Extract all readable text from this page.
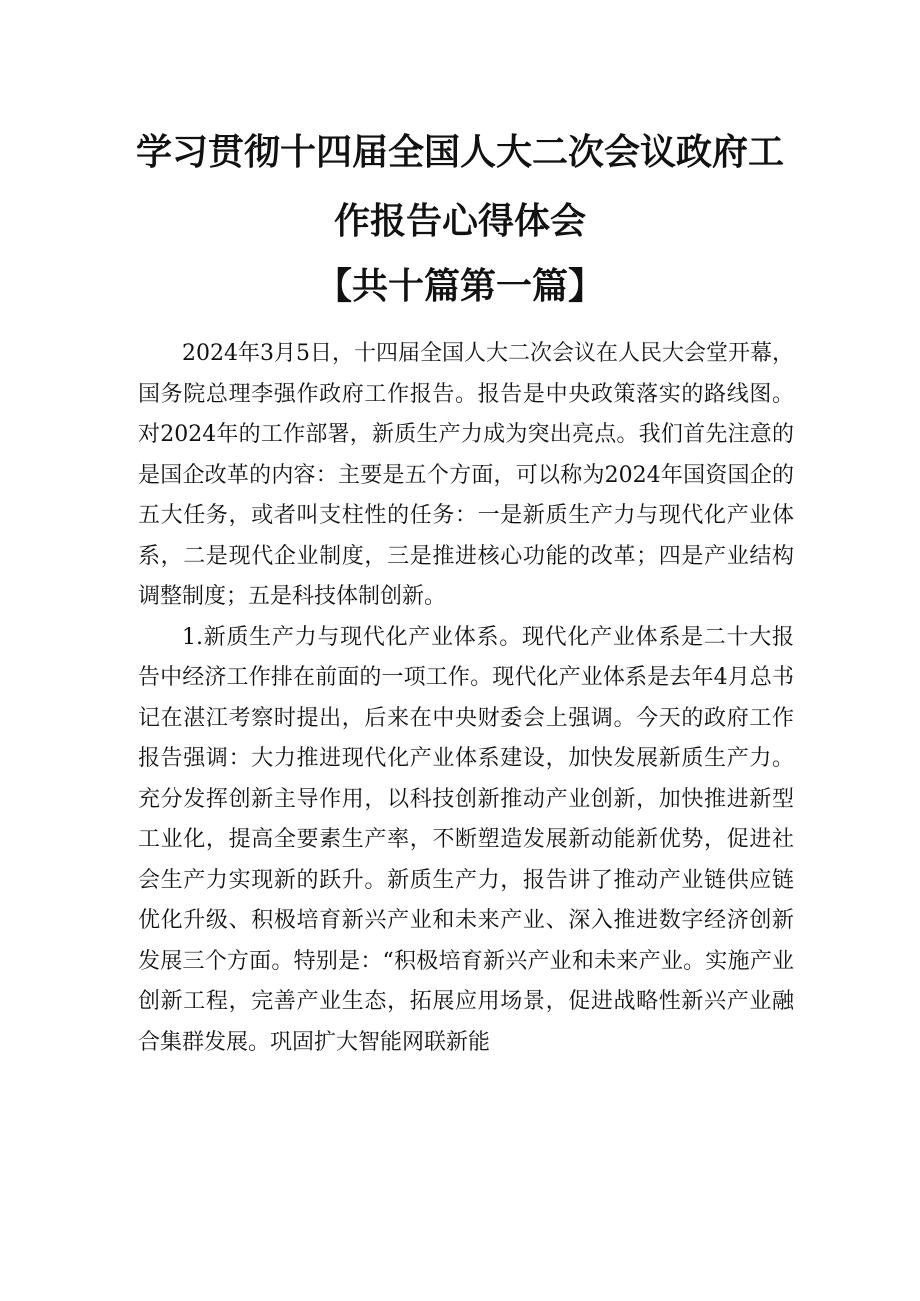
学习贯彻十四届全国人大二次会议政府工
作报告心得体会
【共十篇第一篇】

2024年3月5日，十四届全国人大二次会议在人民大会堂开幕，国务院总理李强作政府工作报告。报告是中央政策落实的路线图。对2024年的工作部署，新质生产力成为突出亮点。我们首先注意的是国企改革的内容：主要是五个方面，可以称为2024年国资国企的五大任务，或者叫支柱性的任务：一是新质生产力与现代化产业体系，二是现代企业制度，三是推进核心功能的改革；四是产业结构调整制度；五是科技体制创新。

1.新质生产力与现代化产业体系。现代化产业体系是二十大报告中经济工作排在前面的一项工作。现代化产业体系是去年4月总书记在湛江考察时提出，后来在中央财委会上强调。今天的政府工作报告强调：大力推进现代化产业体系建设，加快发展新质生产力。充分发挥创新主导作用，以科技创新推动产业创新，加快推进新型工业化，提高全要素生产率，不断塑造发展新动能新优势，促进社会生产力实现新的跃升。新质生产力，报告讲了推动产业链供应链优化升级、积极培育新兴产业和未来产业、深入推进数字经济创新发展三个方面。特别是：“积极培育新兴产业和未来产业。实施产业创新工程，完善产业生态，拓展应用场景，促进战略性新兴产业融合集群发展。巩固扩大智能网联新能
